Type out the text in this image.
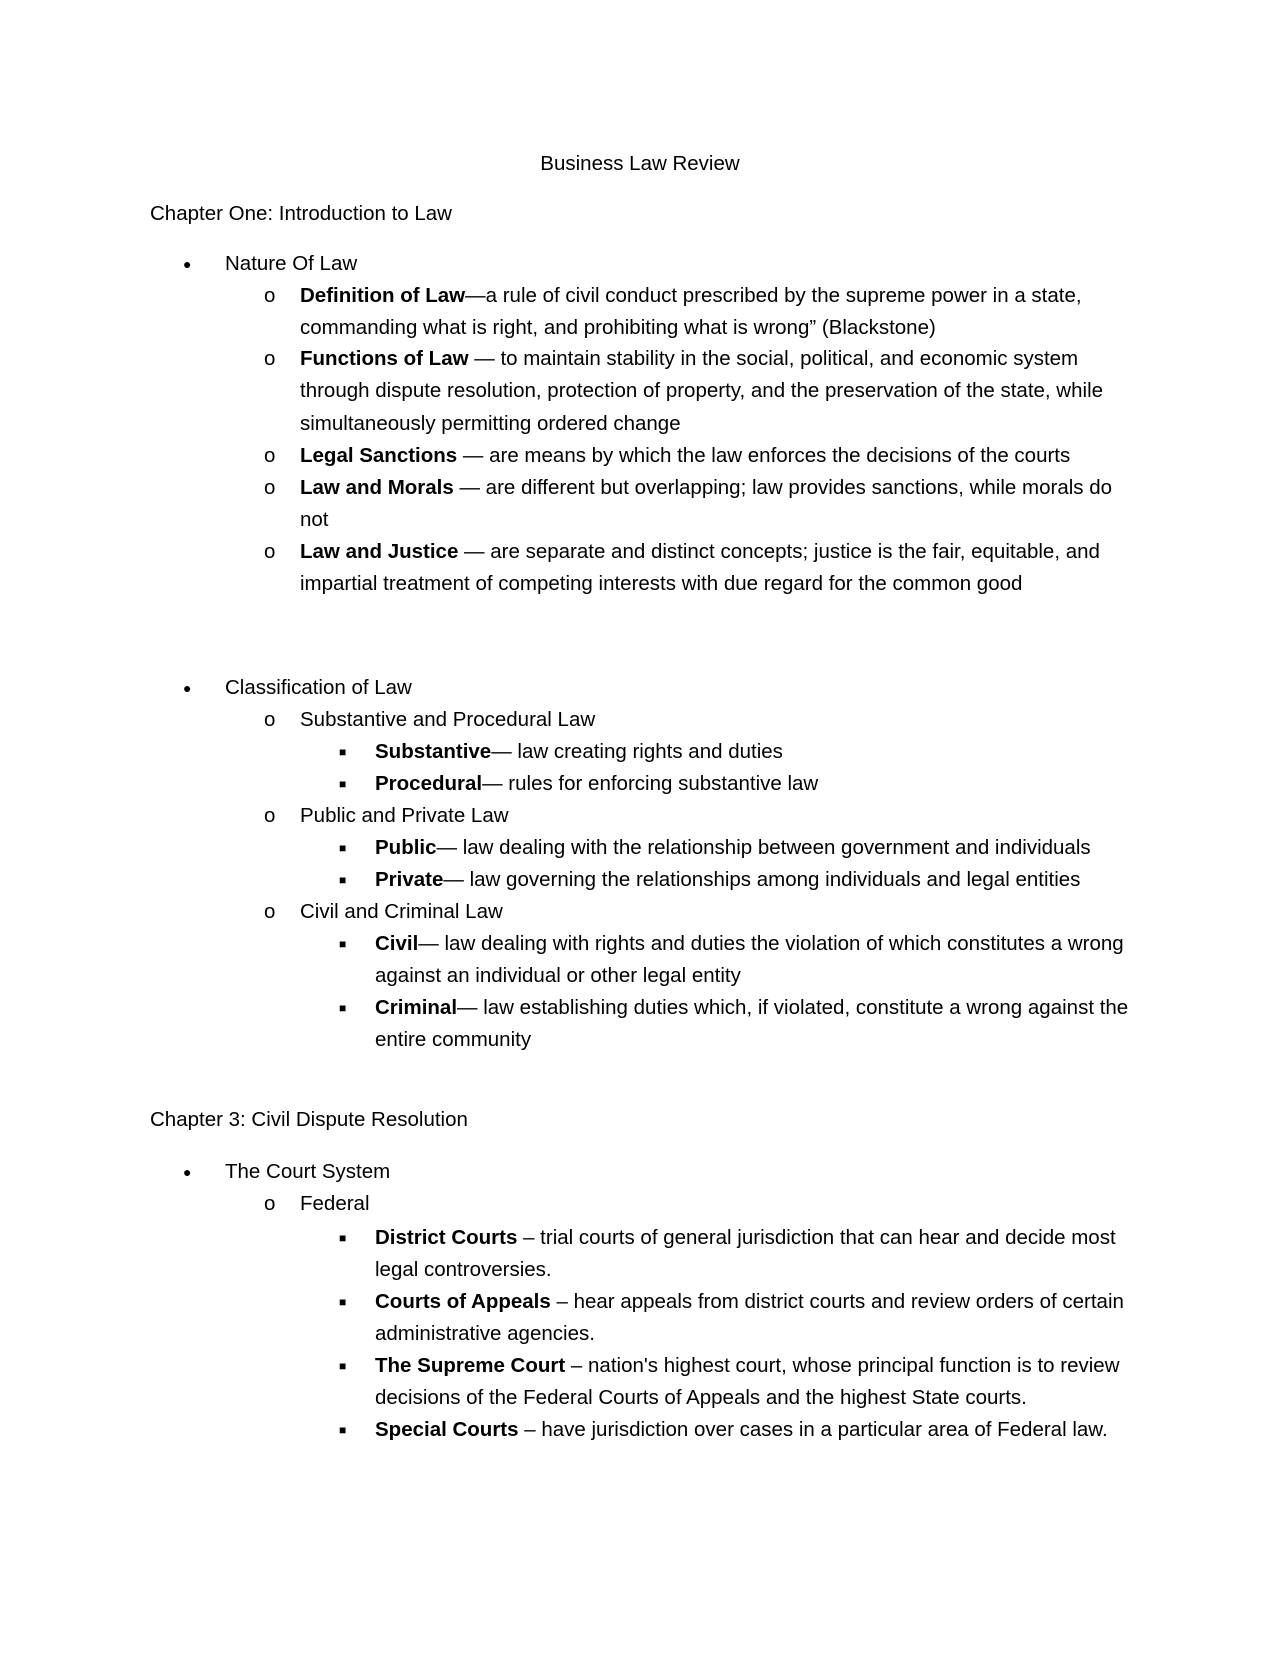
Business Law Review
Chapter One: Introduction to Law
● Nature Of Law
o Definition of Law—a rule of civil conduct prescribed by the supreme power in a state, commanding what is right, and prohibiting what is wrong” (Blackstone)
o Functions of Law — to maintain stability in the social, political, and economic system through dispute resolution, protection of property, and the preservation of the state, while simultaneously permitting ordered change
o Legal Sanctions — are means by which the law enforces the decisions of the courts
o Law and Morals — are different but overlapping; law provides sanctions, while morals do not
o Law and Justice — are separate and distinct concepts; justice is the fair, equitable, and impartial treatment of competing interests with due regard for the common good
● Classification of Law
o Substantive and Procedural Law
■ Substantive— law creating rights and duties
■ Procedural— rules for enforcing substantive law
o Public and Private Law
■ Public— law dealing with the relationship between government and individuals
■ Private— law governing the relationships among individuals and legal entities
o Civil and Criminal Law
■ Civil— law dealing with rights and duties the violation of which constitutes a wrong against an individual or other legal entity
■ Criminal— law establishing duties which, if violated, constitute a wrong against the entire community
Chapter 3: Civil Dispute Resolution
● The Court System
o Federal
■ District Courts – trial courts of general jurisdiction that can hear and decide most legal controversies.
■ Courts of Appeals – hear appeals from district courts and review orders of certain administrative agencies.
■ The Supreme Court – nation's highest court, whose principal function is to review decisions of the Federal Courts of Appeals and the highest State courts.
■ Special Courts – have jurisdiction over cases in a particular area of Federal law.
